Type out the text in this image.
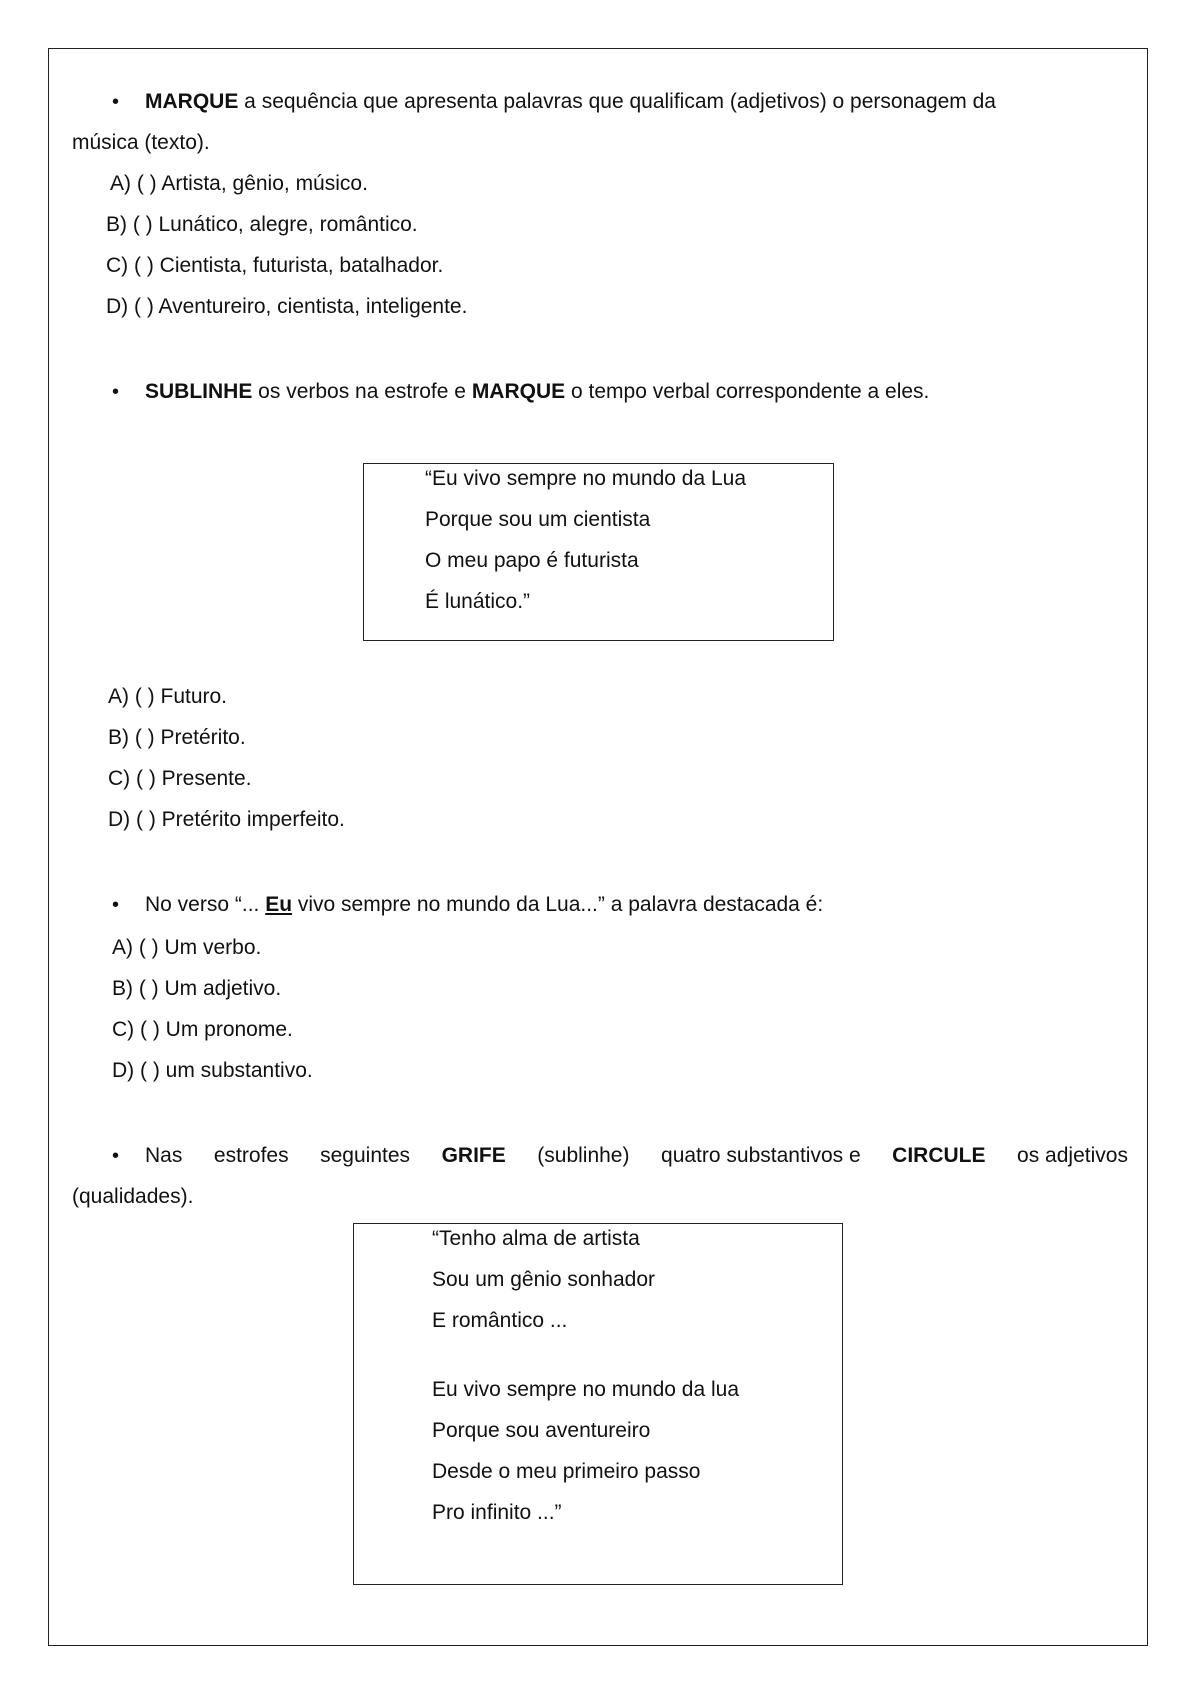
• MARQUE a sequência que apresenta palavras que qualificam (adjetivos) o personagem da
música (texto).
A) ( ) Artista, gênio, músico.
B) ( ) Lunático, alegre, romântico.
C) ( ) Cientista, futurista, batalhador.
D) ( ) Aventureiro, cientista, inteligente.
• SUBLINHE os verbos na estrofe e MARQUE o tempo verbal correspondente a eles.
“Eu vivo sempre no mundo da Lua
Porque sou um cientista
O meu papo é futurista
É lunático.”
A) ( ) Futuro.
B) ( ) Pretérito.
C) ( ) Presente.
D) ( ) Pretérito imperfeito.
• No verso “... Eu vivo sempre no mundo da Lua...” a palavra destacada é:
A) ( ) Um verbo.
B) ( ) Um adjetivo.
C) ( ) Um pronome.
D) ( ) um substantivo.
• Nas estrofes seguintes GRIFE (sublinhe) quatro substantivos e CIRCULE os adjetivos
(qualidades).
“Tenho alma de artista
Sou um gênio sonhador
E romântico ...
Eu vivo sempre no mundo da lua
Porque sou aventureiro
Desde o meu primeiro passo
Pro infinito ...”
